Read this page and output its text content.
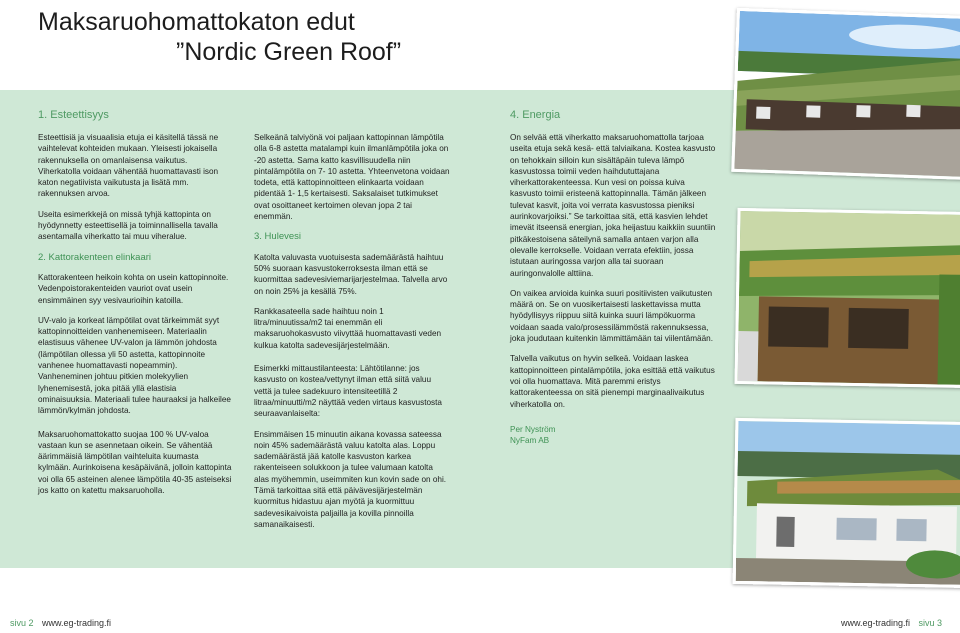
Maksaruohomattokaton edut
”Nordic Green Roof”
1. Esteettisyys	4. Energia

Esteettisiä ja visuaalisia etuja ei käsitellä tässä ne vaihtelevat kohteiden mukaan. Yleisesti jokaisella rakennuksella on omanlaisensa vaikutus. Viherkatolla voidaan vähentää huomattavasti ison katon negatiivista vaikutusta ja lisätä mm. rakennuksen arvoa.

Useita esimerkkejä on missä tyhjä kattopinta on hyödynnetty esteettisellä ja toiminnallisella tavalla asentamalla viherkatto tai muu viheralue.

2. Kattorakenteen elinkaari

Kattorakenteen heikoin kohta on usein kattopinnoite. Vedenpoistorakenteiden vauriot ovat usein ensimmäinen syy vesivaurioihin katoilla.

UV-valo ja korkeat lämpötilat ovat tärkeimmät syyt kattopinnoitteiden vanhenemiseen. Materiaalin elastisuus vähenee UV-valon ja lämmön johdosta (lämpötilan ollessa yli 50 astetta, kattopinnoite vanhenee huomattavasti nopeammin). Vanheneminen johtuu pitkien molekyylien lyhenemisestä, joka pitää yllä elastisia ominaisuuksia. Materiaali tulee hauraaksi ja halkeilee lämmön/kylmän johdosta.

Maksaruohomattokatto suojaa 100 % UV-valoa vastaan kun se asennetaan oikein. Se vähentää äärimmäisiä lämpötilan vaihteluita kuumasta kylmään. Aurinkoisena kesäpäivänä, jolloin kattopinta voi olla 65 asteinen alenee lämpötila 40-35 asteiseksi jos katto on katettu maksaruoholla.

Selkeänä talviyönä voi paljaan kattopinnan lämpötila olla 6-8 astetta matalampi kuin ilmanlämpötila joka on -20 astetta. Sama katto kasvillisuudella niin pintalämpötila on 7- 10 astetta. Yhteenvetona voidaan todeta, että kattopinnoitteen elinkaarta voidaan pidentää 1- 1,5 kertaisesti. Saksalaiset tutkimukset ovat osoittaneet kertoimen olevan jopa 2 tai enemmän.

3. Hulevesi

Katolta valuvasta vuotuisesta sademäärästä haihtuu 50% suoraan kasvustokerroksesta ilman että se kuormittaa sadevesiviemarijarjestelmaa. Talvella arvo on noin 25% ja kesällä 75%.

Rankkasateella sade haihtuu noin 1 litra/minuutissa/m2 tai enemmän eli maksaruohokasvusto viivyttää huomattavasti veden kulkua katolta sadevesijärjestelmään.

Esimerkki mittaustilanteesta: Lähtötilanne: jos kasvusto on kostea/vettynyt ilman että siitä valuu vettä ja tulee sadekuuro intensiteetillä 2 litraa/minuutti/m2 näyttää veden virtaus kasvustosta seuraavanlaiselta:

Ensimmäisen 15 minuutin aikana kovassa sateessa noin 45% sademäärästä valuu katolta alas. Loppu sademäärästä jää katolle kasvuston karkea rakenteiseen solukkoon ja tulee valumaan katolta alas myöhemmin, useimmiten kun kovin sade on ohi. Tämä tarkoittaa sitä että päivävesijärjestelmän kuormitus hidastuu ajan myötä ja kuormittuu sadevesikaivoista paljailla ja kovilla pinnoilla samanaikaisesti.

On selvää että viherkatto maksaruohomattolla tarjoaa useita etuja sekä kesä- että talviaikana. Kostea kasvusto on tehokkain silloin kun sisältäpäin tuleva lämpö kasvustossa toimii veden haihdututtajana viherkattorakenteessa. Kun vesi on poissa kuiva kasvusto toimii eristeenä kattopinnalla. Tämän jälkeen tulevat kasvit, joita voi verrata kasvustossa pieniksi aurinkovarjoiksi.” Se tarkoittaa sitä, että kasvien lehdet imevät itseensä energian, joka heijastuu kaikkiin suuntiin pitkäkestoisena säteilynä samalla antaen varjon alla olevalle kerrokselle. Voidaan verrata efektiin, jossa istutaan auringossa varjon alla tai suoraan auringonvalolle alttiina.

On vaikea arvioida kuinka suuri positiivisten vaikutusten määrä on. Se on vuosikertaisesti laskettavissa mutta hyödyllisyys riippuu siitä kuinka suuri lämpökuorma voidaan saada valo/prosessilämmöstä rakennuksessa, joka joudutaan kuitenkin lämmittämään tai viilentämään.

Talvella vaikutus on hyvin selkeä. Voidaan laskea kattopinnoitteen pintalämpötila, joka esittää että vaikutus voi olla huomattava. Mitä paremmi eristys kattorakenteessa on sitä pienempi marginaalivaikutus viherkatolla on.

Per Nyström
NyFam AB
sivu 2 www.eg-trading.fi	www.eg-trading.fi sivu 3
